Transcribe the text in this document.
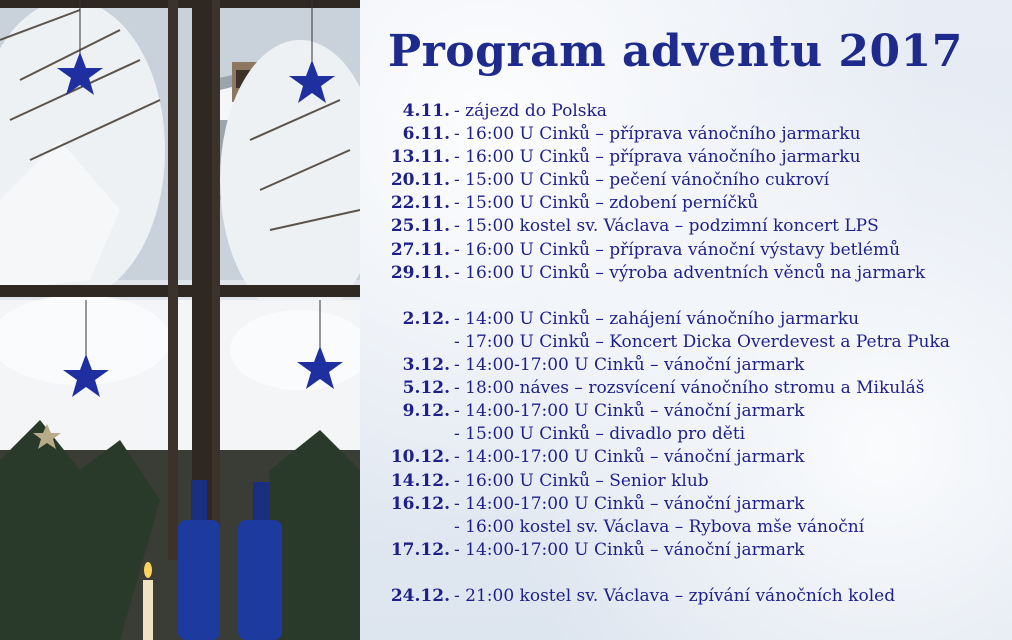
Program adventu 2017
4.11. - zájezd do Polska
6.11. - 16:00 U Cinků – příprava vánočního jarmarku
13.11. - 16:00 U Cinků – příprava vánočního jarmarku
20.11. - 15:00 U Cinků – pečení vánočního cukroví
22.11. - 15:00 U Cinků – zdobení perníčků
25.11. - 15:00 kostel sv. Václava – podzimní koncert LPS
27.11. - 16:00 U Cinků – příprava vánoční výstavy betlémů
29.11. - 16:00 U Cinků – výroba adventních věnců na jarmark
2.12. - 14:00 U Cinků – zahájení vánočního jarmarku
- 17:00 U Cinků – Koncert Dicka Overdevest a Petra Puka
3.12. - 14:00-17:00 U Cinků – vánoční jarmark
5.12. - 18:00 náves – rozsvícení vánočního stromu a Mikuláš
9.12. - 14:00-17:00 U Cinků – vánoční jarmark
- 15:00 U Cinků – divadlo pro děti
10.12. - 14:00-17:00 U Cinků – vánoční jarmark
14.12. - 16:00 U Cinků – Senior klub
16.12. - 14:00-17:00 U Cinků – vánoční jarmark
- 16:00 kostel sv. Václava – Rybova mše vánoční
17.12. - 14:00-17:00 U Cinků – vánoční jarmark
24.12. - 21:00 kostel sv. Václava – zpívání vánočních koled
